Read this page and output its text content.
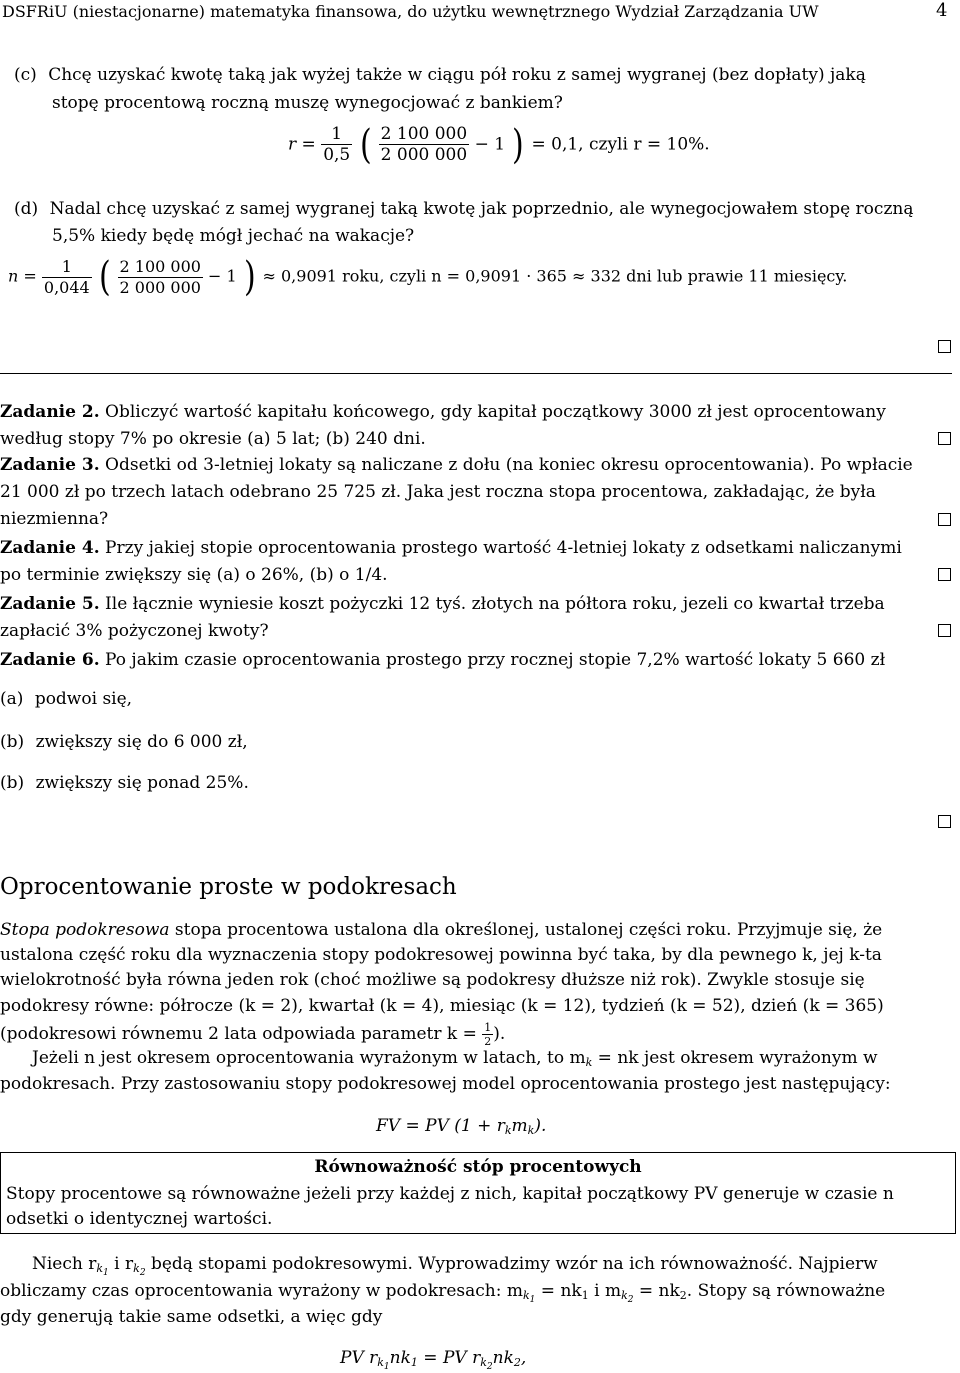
DSFRiU (niestacjonarne) matematyka finansowa, do użytku wewnętrznego Wydział Zarządzania UW	4
(c) Chcę uzyskać kwotę taką jak wyżej także w ciągu pół roku z samej wygranej (bez dopłaty) jaką
stopę procentową roczną muszę wynegocjować z bankiem?
$r = \frac{1}{0,5}$ ( $\frac{2 100 000}{2 000 000} - 1$ ) = 0,1, czyli r = 10%.
(d) Nadal chcę uzyskać z samej wygranej taką kwotę jak poprzednio, ale wynegocjowałem stopę roczną
5,5% kiedy będę mógł jechać na wakacje?
$n = \frac{1}{0,044}$ ( $\frac{2 100 000}{2 000 000} - 1$ ) ≈ 0,9091 roku, czyli n = 0,9091 · 365 ≈ 332 dni lub prawie 11 miesięcy.
Zadanie 2. Obliczyć wartość kapitału końcowego, gdy kapitał początkowy 3000 zł jest oprocentowany
według stopy 7% po okresie (a) 5 lat; (b) 240 dni.
Zadanie 3. Odsetki od 3-letniej lokaty są naliczane z dołu (na koniec okresu oprocentowania). Po wpłacie
21 000 zł po trzech latach odebrano 25 725 zł. Jaka jest roczna stopa procentowa, zakładając, że była
niezmienna?
Zadanie 4. Przy jakiej stopie oprocentowania prostego wartość 4-letniej lokaty z odsetkami naliczanymi
po terminie zwiększy się (a) o 26%, (b) o 1/4.
Zadanie 5. Ile łącznie wyniesie koszt pożyczki 12 tyś. złotych na półtora roku, jezeli co kwartał trzeba
zapłacić 3% pożyczonej kwoty?
Zadanie 6. Po jakim czasie oprocentowania prostego przy rocznej stopie 7,2% wartość lokaty 5 660 zł
(a) podwoi się,
(b) zwiększy się do 6 000 zł,
(b) zwiększy się ponad 25%.
Oprocentowanie proste w podokresach
Stopa podokresowa stopa procentowa ustalona dla określonej, ustalonej części roku. Przyjmuje się, że
ustalona część roku dla wyznaczenia stopy podokresowej powinna być taka, by dla pewnego k, jej k-ta
wielokrotność była równa jeden rok (choć możliwe są podokresy dłuższe niż rok). Zwykle stosuje się
podokresy równe: półrocze (k = 2), kwartał (k = 4), miesiąc (k = 12), tydzień (k = 52), dzień (k = 365)
(podokresowi równemu 2 lata odpowiada parametr $k = \frac{1}{2}$ ).
Jeżeli n jest okresem oprocentowania wyrażonym w latach, to $m_k$ = nk jest okresem wyrażonym w
podokresach. Przy zastosowaniu stopy podokresowej model oprocentowania prostego jest następujący:
FV = PV $(1 + r_km_k)$.
Równoważność stóp procentowych
Stopy procentowe są równoważne jeżeli przy każdej z nich, kapitał początkowy PV generuje w czasie n
odsetki o identycznej wartości.
Niech $r_{k_1}$ i $r_{k_2}$ będą stopami podokresowymi. Wyprowadzimy wzór na ich równoważność. Najpierw
obliczamy czas oprocentowania wyrażony w podokresach: $m_{k_1} = nk_1$ i $m_{k_2} = nk_2$. Stopy są równoważne
gdy generują takie same odsetki, a więc gdy
PV $r_{k_1}nk_1$ = PV $r_{k_2}nk_2$,
